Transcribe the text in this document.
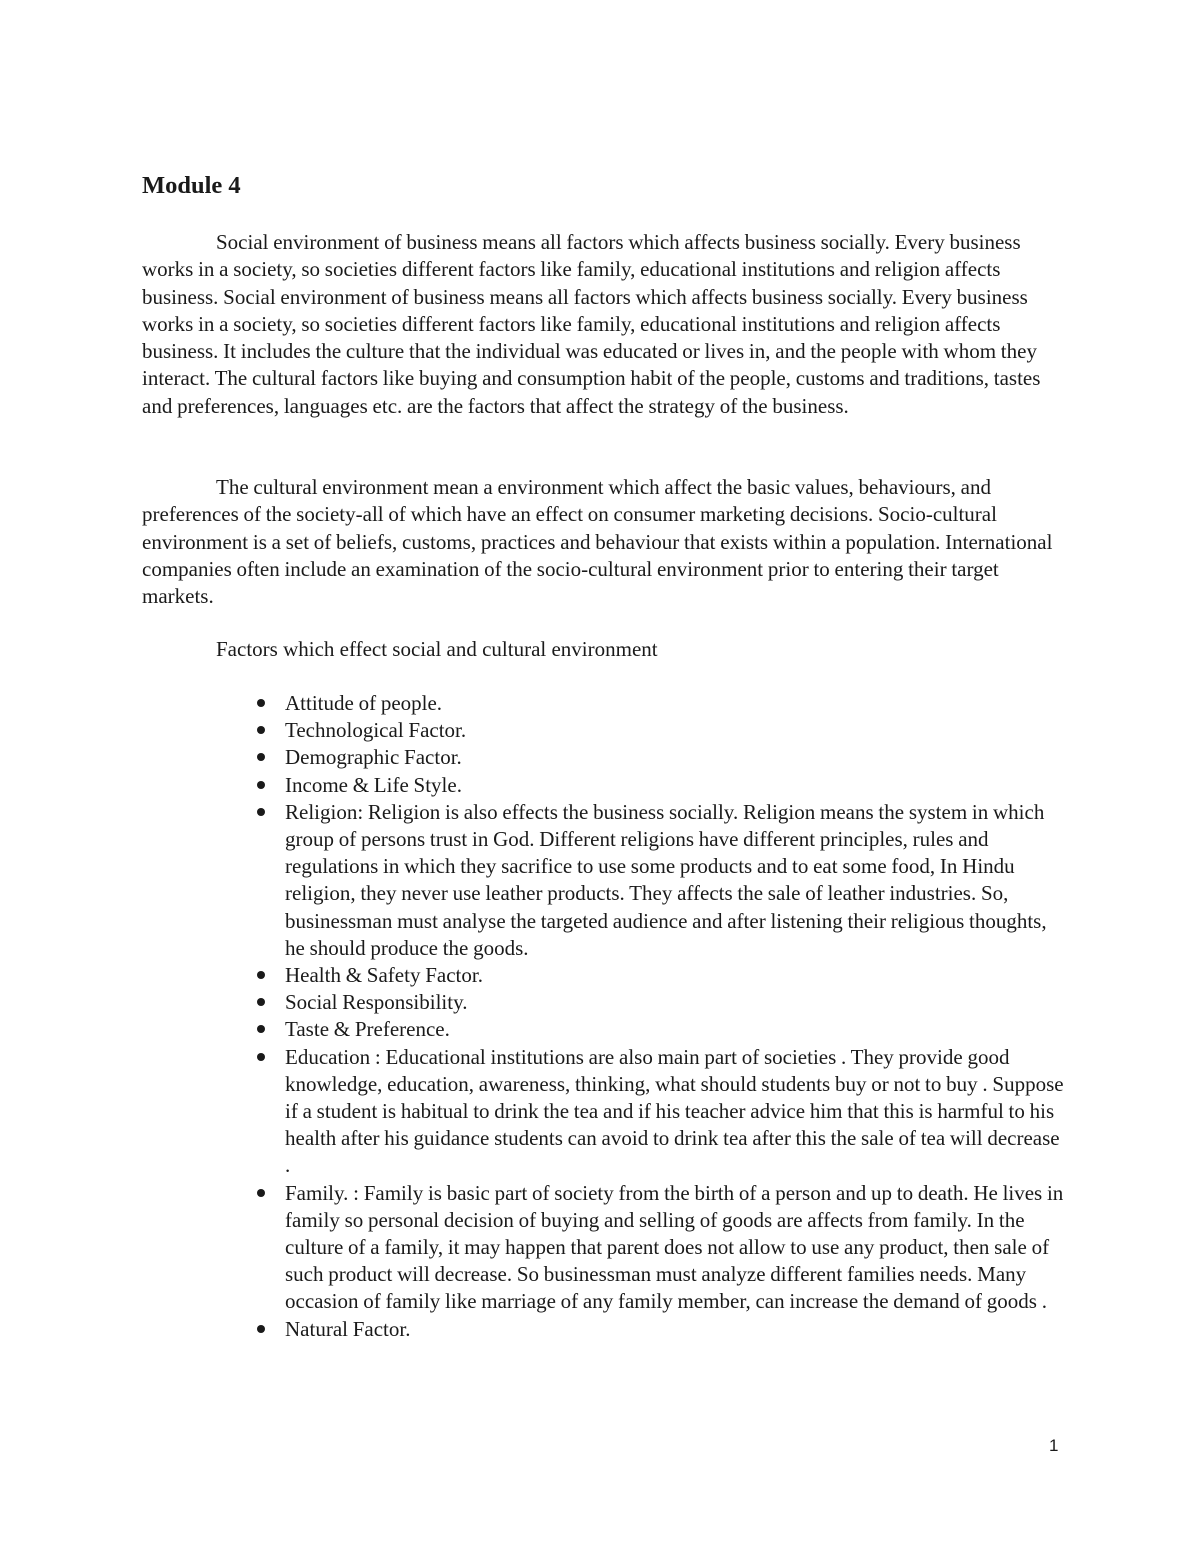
Module 4

Social environment of business means all factors which affects business socially. Every business works in a society, so societies different factors like family, educational institutions and religion affects business. Social environment of business means all factors which affects business socially. Every business works in a society, so societies different factors like family, educational institutions and religion affects business. It includes the culture that the individual was educated or lives in, and the people with whom they interact. The cultural factors like buying and consumption habit of the people, customs and traditions, tastes and preferences, languages etc. are the factors that affect the strategy of the business.

The cultural environment mean a environment which affect the basic values, behaviours, and preferences of the society-all of which have an effect on consumer marketing decisions. Socio-cultural environment is a set of beliefs, customs, practices and behaviour that exists within a population. International companies often include an examination of the socio-cultural environment prior to entering their target markets.

Factors which effect social and cultural environment

Attitude of people.
Technological Factor.
Demographic Factor.
Income & Life Style.
Religion: Religion is also effects the business socially. Religion means the system in which group of persons trust in God. Different religions have different principles, rules and regulations in which they sacrifice to use some products and to eat some food, In Hindu religion, they never use leather products. They affects the sale of leather industries. So, businessman must analyse the targeted audience and after listening their religious thoughts, he should produce the goods.
Health & Safety Factor.
Social Responsibility.
Taste & Preference.
Education : Educational institutions are also main part of societies . They provide good knowledge, education, awareness, thinking, what should students buy or not to buy . Suppose if a student is habitual to drink the tea and if his teacher advice him that this is harmful to his health after his guidance students can avoid to drink tea after this the sale of tea will decrease .
Family. : Family is basic part of society from the birth of a person and up to death. He lives in family so personal decision of buying and selling of goods are affects from family. In the culture of a family, it may happen that parent does not allow to use any product, then sale of such product will decrease. So businessman must analyze different families needs. Many occasion of family like marriage of any family member, can increase the demand of goods .
Natural Factor.

1
